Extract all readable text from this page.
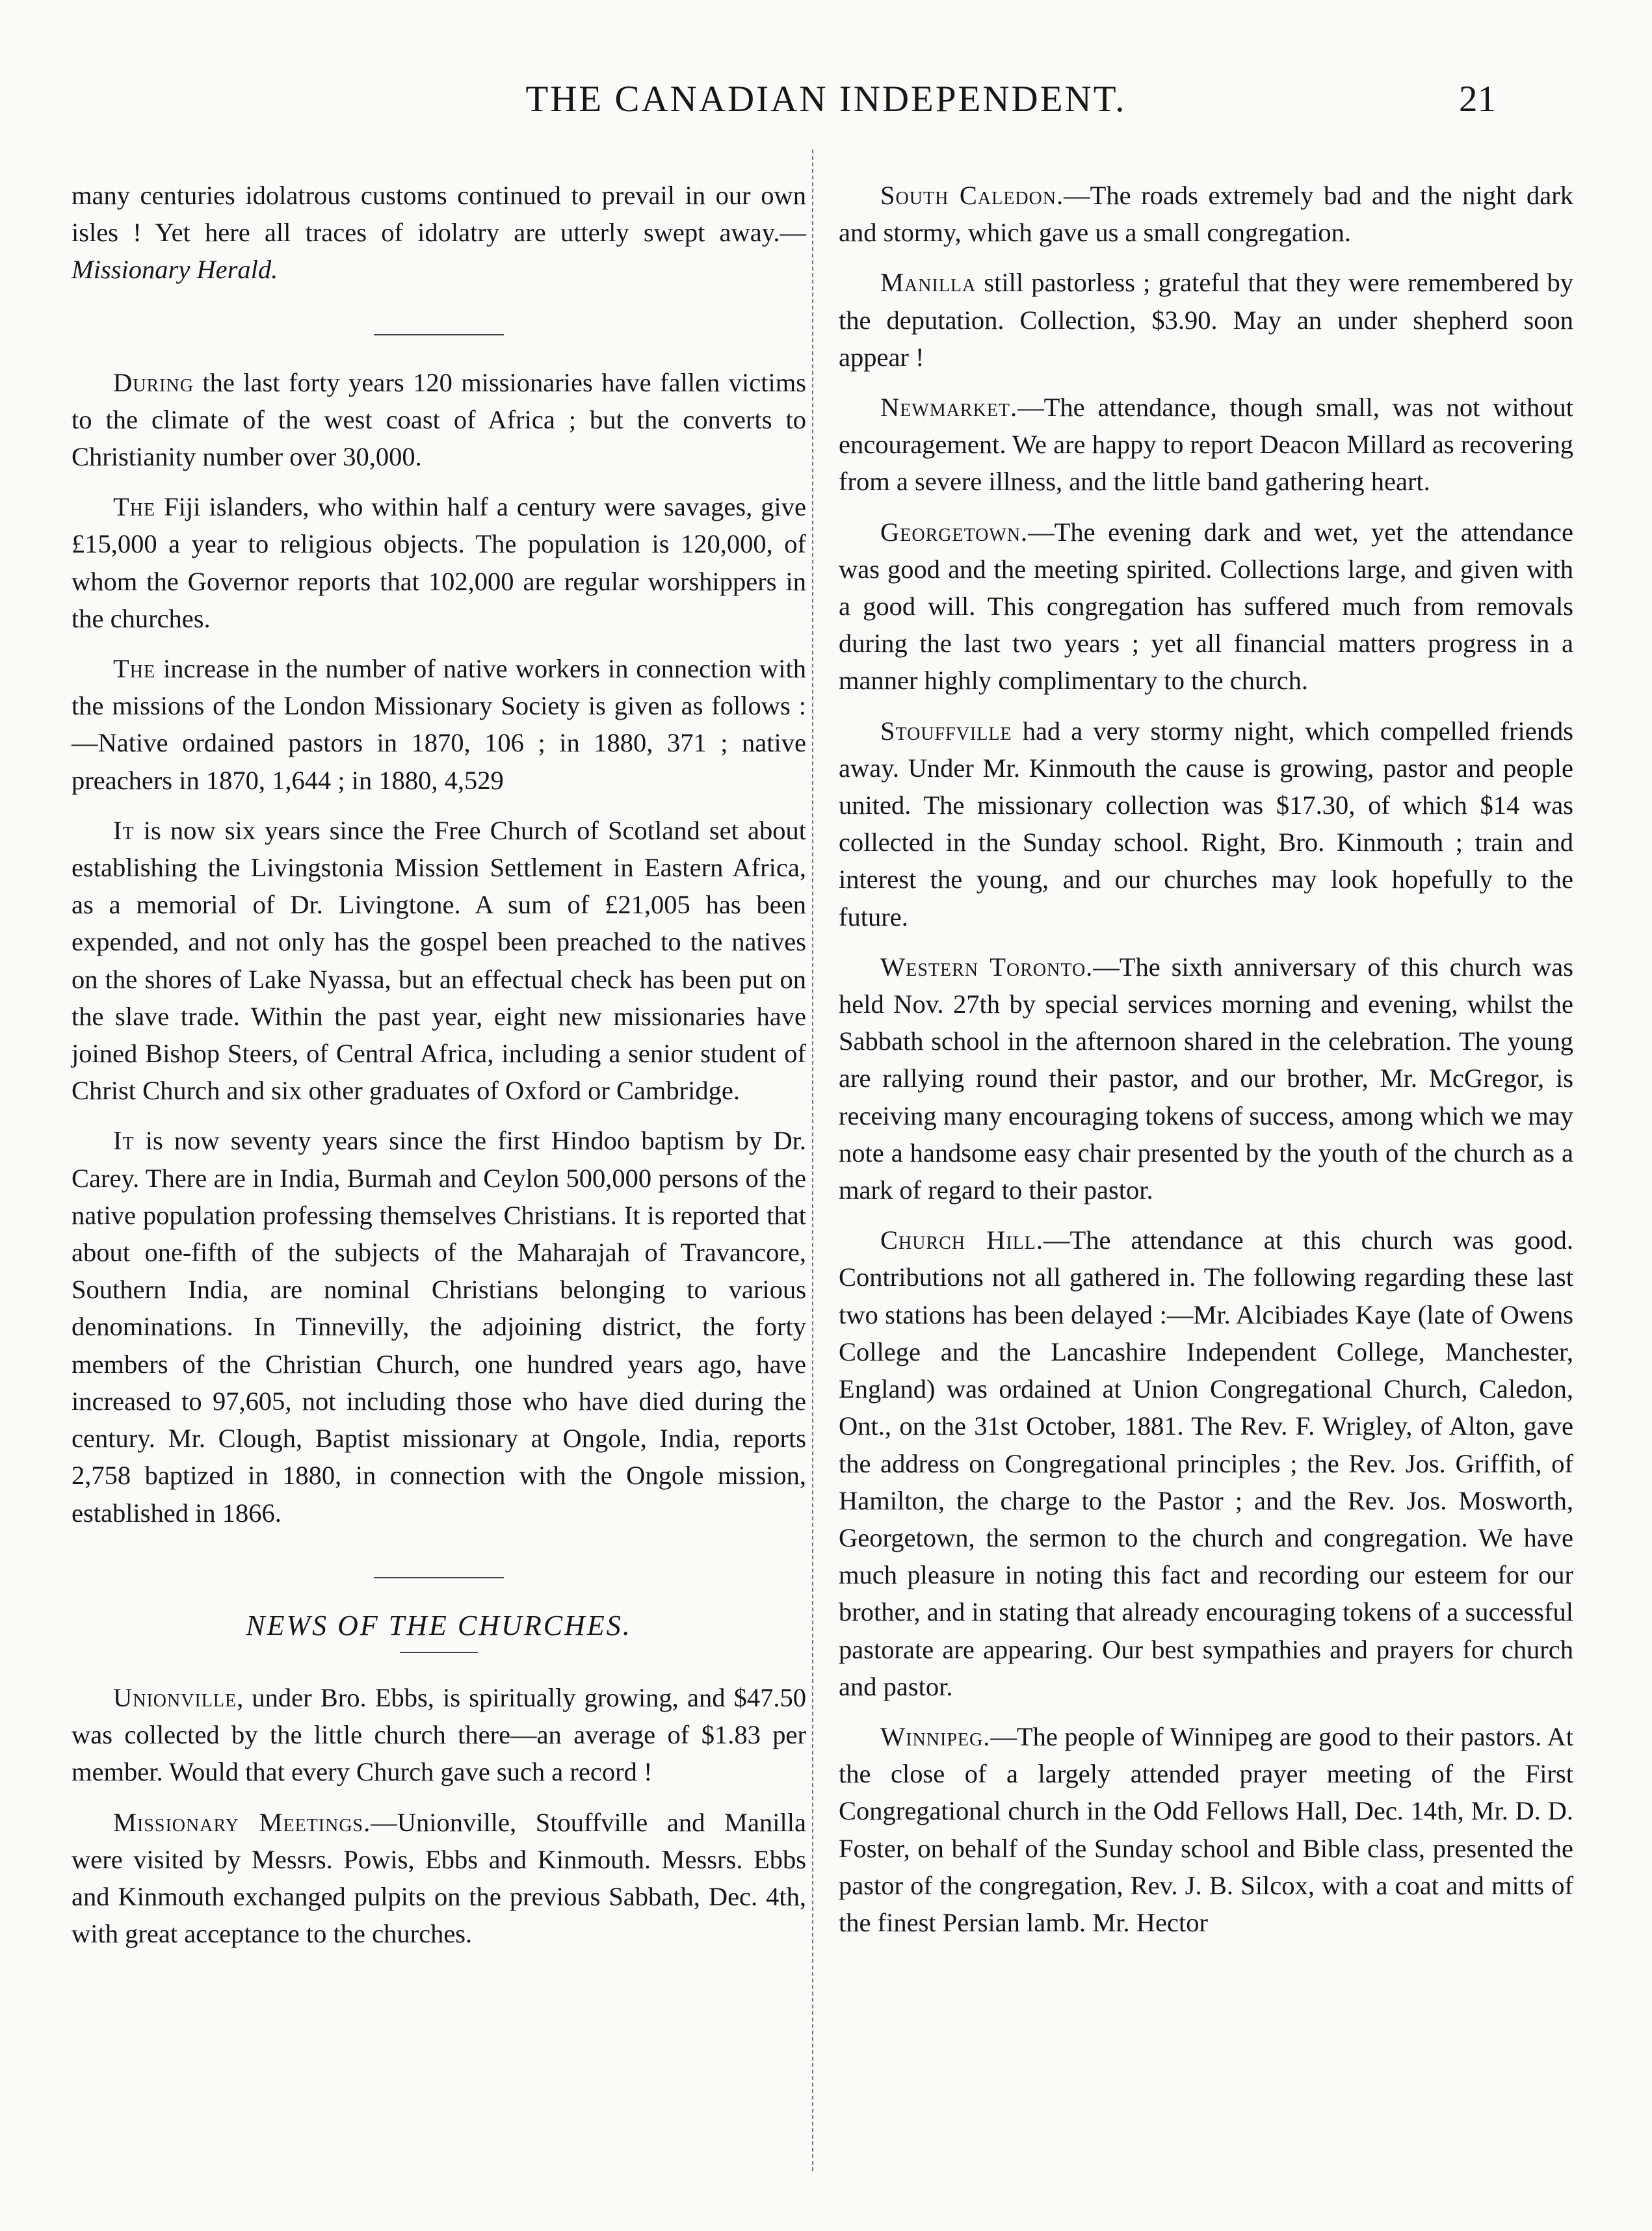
THE CANADIAN INDEPENDENT.	21

many centuries idolatrous customs continued to prevail in our own isles ! Yet here all traces of idolatry are utterly swept away.—Missionary Herald.

During the last forty years 120 missionaries have fallen victims to the climate of the west coast of Africa ; but the converts to Christianity number over 30,000.

The Fiji islanders, who within half a century were savages, give £15,000 a year to religious objects. The population is 120,000, of whom the Governor reports that 102,000 are regular worshippers in the churches.

The increase in the number of native workers in connection with the missions of the London Missionary Society is given as follows :—Native ordained pastors in 1870, 106 ; in 1880, 371 ; native preachers in 1870, 1,644 ; in 1880, 4,529

It is now six years since the Free Church of Scotland set about establishing the Livingstonia Mission Settlement in Eastern Africa, as a memorial of Dr. Livingtone. A sum of £21,005 has been expended, and not only has the gospel been preached to the natives on the shores of Lake Nyassa, but an effectual check has been put on the slave trade. Within the past year, eight new missionaries have joined Bishop Steers, of Central Africa, including a senior student of Christ Church and six other graduates of Oxford or Cambridge.

It is now seventy years since the first Hindoo baptism by Dr. Carey. There are in India, Burmah and Ceylon 500,000 persons of the native population professing themselves Christians. It is reported that about one-fifth of the subjects of the Maharajah of Travancore, Southern India, are nominal Christians belonging to various denominations. In Tinnevilly, the adjoining district, the forty members of the Christian Church, one hundred years ago, have increased to 97,605, not including those who have died during the century. Mr. Clough, Baptist missionary at Ongole, India, reports 2,758 baptized in 1880, in connection with the Ongole mission, established in 1866.

NEWS OF THE CHURCHES.

Unionville, under Bro. Ebbs, is spiritually growing, and $47.50 was collected by the little church there—an average of $1.83 per member. Would that every Church gave such a record !

Missionary Meetings.—Unionville, Stouffville and Manilla were visited by Messrs. Powis, Ebbs and Kinmouth. Messrs. Ebbs and Kinmouth exchanged pulpits on the previous Sabbath, Dec. 4th, with great acceptance to the churches.

South Caledon.—The roads extremely bad and the night dark and stormy, which gave us a small congregation.

Manilla still pastorless ; grateful that they were remembered by the deputation. Collection, $3.90. May an under shepherd soon appear !

Newmarket.—The attendance, though small, was not without encouragement. We are happy to report Deacon Millard as recovering from a severe illness, and the little band gathering heart.

Georgetown.—The evening dark and wet, yet the attendance was good and the meeting spirited. Collections large, and given with a good will. This congregation has suffered much from removals during the last two years ; yet all financial matters progress in a manner highly complimentary to the church.

Stouffville had a very stormy night, which compelled friends away. Under Mr. Kinmouth the cause is growing, pastor and people united. The missionary collection was $17.30, of which $14 was collected in the Sunday school. Right, Bro. Kinmouth ; train and interest the young, and our churches may look hopefully to the future.

Western Toronto.—The sixth anniversary of this church was held Nov. 27th by special services morning and evening, whilst the Sabbath school in the afternoon shared in the celebration. The young are rallying round their pastor, and our brother, Mr. McGregor, is receiving many encouraging tokens of success, among which we may note a handsome easy chair presented by the youth of the church as a mark of regard to their pastor.

Church Hill.—The attendance at this church was good. Contributions not all gathered in. The following regarding these last two stations has been delayed :—Mr. Alcibiades Kaye (late of Owens College and the Lancashire Independent College, Manchester, England) was ordained at Union Congregational Church, Caledon, Ont., on the 31st October, 1881. The Rev. F. Wrigley, of Alton, gave the address on Congregational principles ; the Rev. Jos. Griffith, of Hamilton, the charge to the Pastor ; and the Rev. Jos. Mosworth, Georgetown, the sermon to the church and congregation. We have much pleasure in noting this fact and recording our esteem for our brother, and in stating that already encouraging tokens of a successful pastorate are appearing. Our best sympathies and prayers for church and pastor.

Winnipeg.—The people of Winnipeg are good to their pastors. At the close of a largely attended prayer meeting of the First Congregational church in the Odd Fellows Hall, Dec. 14th, Mr. D. D. Foster, on behalf of the Sunday school and Bible class, presented the pastor of the congregation, Rev. J. B. Silcox, with a coat and mitts of the finest Persian lamb. Mr. Hector
